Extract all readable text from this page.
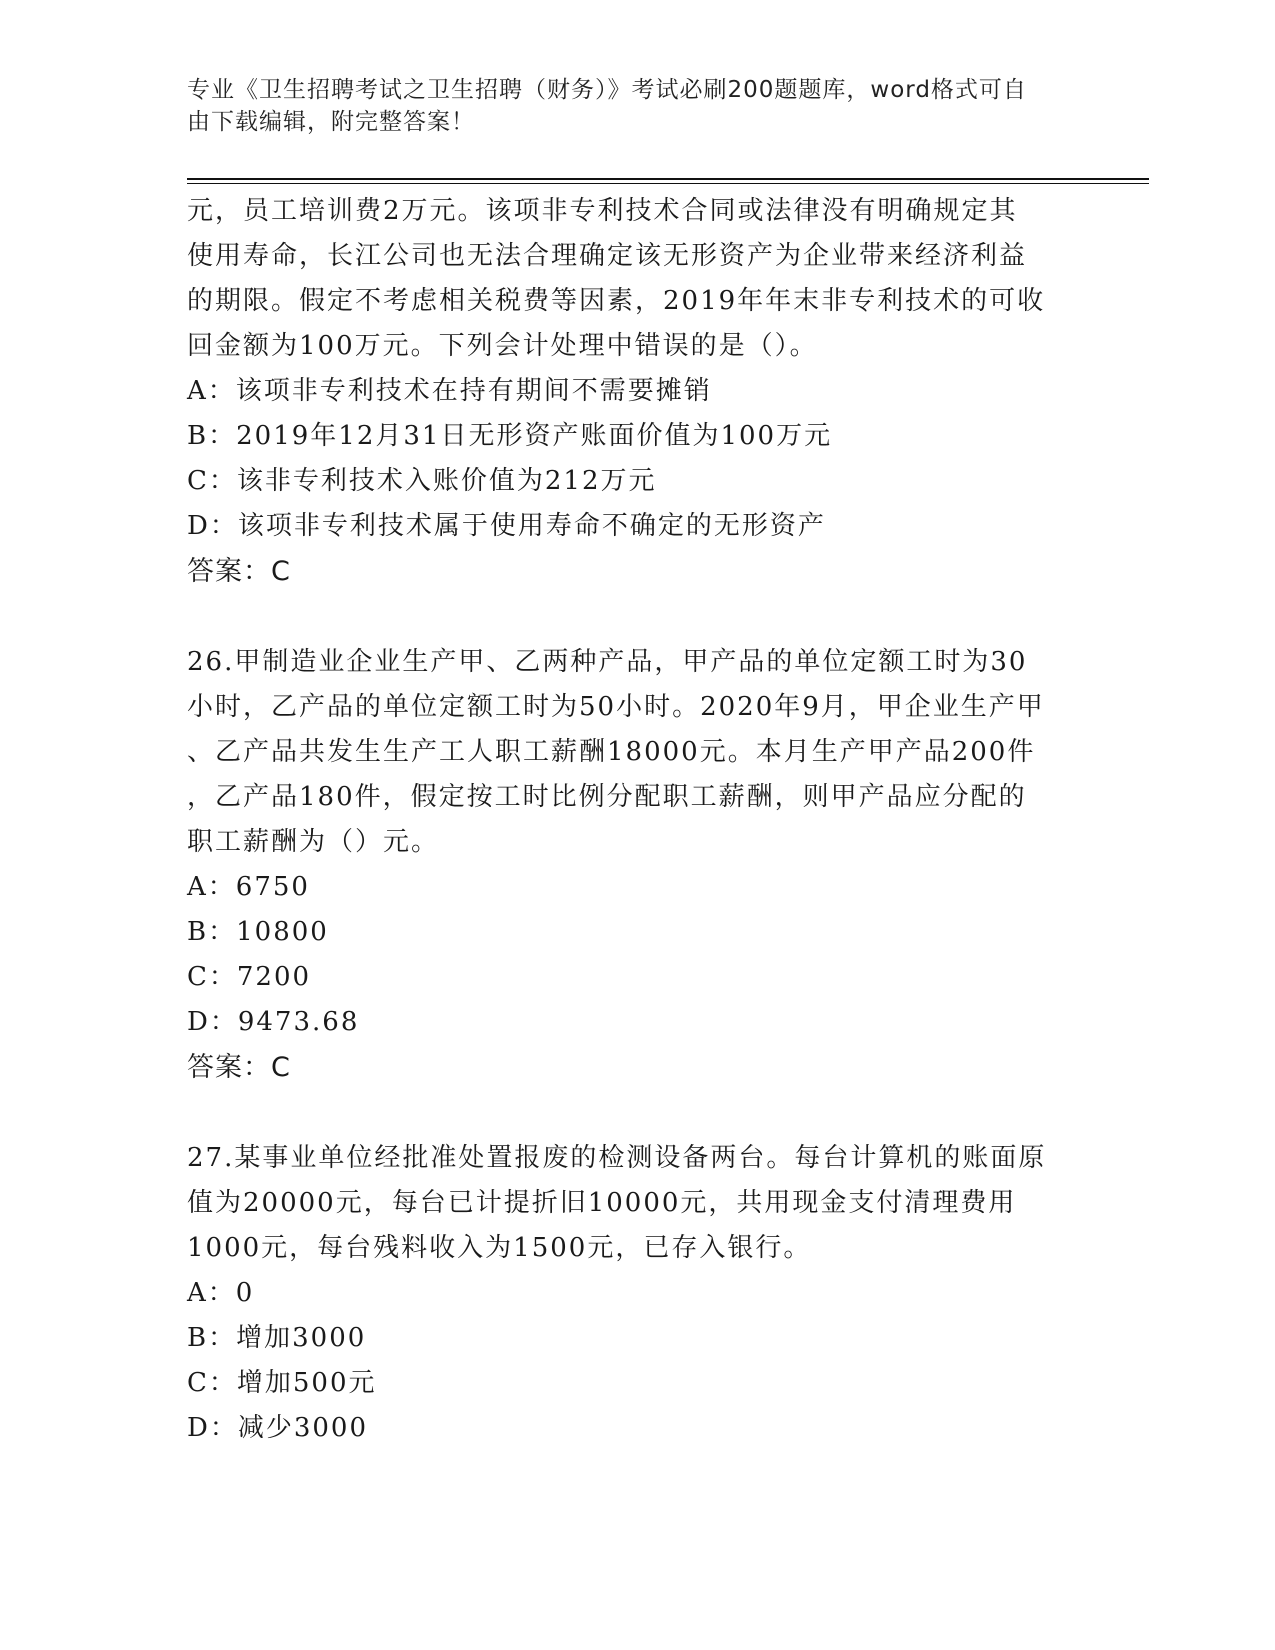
专业《卫生招聘考试之卫生招聘（财务）》考试必刷200题题库，word格式可自
由下载编辑，附完整答案！
元，员工培训费2万元。该项非专利技术合同或法律没有明确规定其
使用寿命，长江公司也无法合理确定该无形资产为企业带来经济利益
的期限。假定不考虑相关税费等因素，2019年年末非专利技术的可收
回金额为100万元。下列会计处理中错误的是（）。
A：该项非专利技术在持有期间不需要摊销
B：2019年12月31日无形资产账面价值为100万元
C：该非专利技术入账价值为212万元
D：该项非专利技术属于使用寿命不确定的无形资产
答案：C
26.甲制造业企业生产甲、乙两种产品，甲产品的单位定额工时为30
小时，乙产品的单位定额工时为50小时。2020年9月，甲企业生产甲
、乙产品共发生生产工人职工薪酬18000元。本月生产甲产品200件
，乙产品180件，假定按工时比例分配职工薪酬，则甲产品应分配的
职工薪酬为（）元。
A：6750
B：10800
C：7200
D：9473.68
答案：C
27.某事业单位经批准处置报废的检测设备两台。每台计算机的账面原
值为20000元，每台已计提折旧10000元，共用现金支付清理费用
1000元，每台残料收入为1500元，已存入银行。
A：0
B：增加3000
C：增加500元
D：减少3000
